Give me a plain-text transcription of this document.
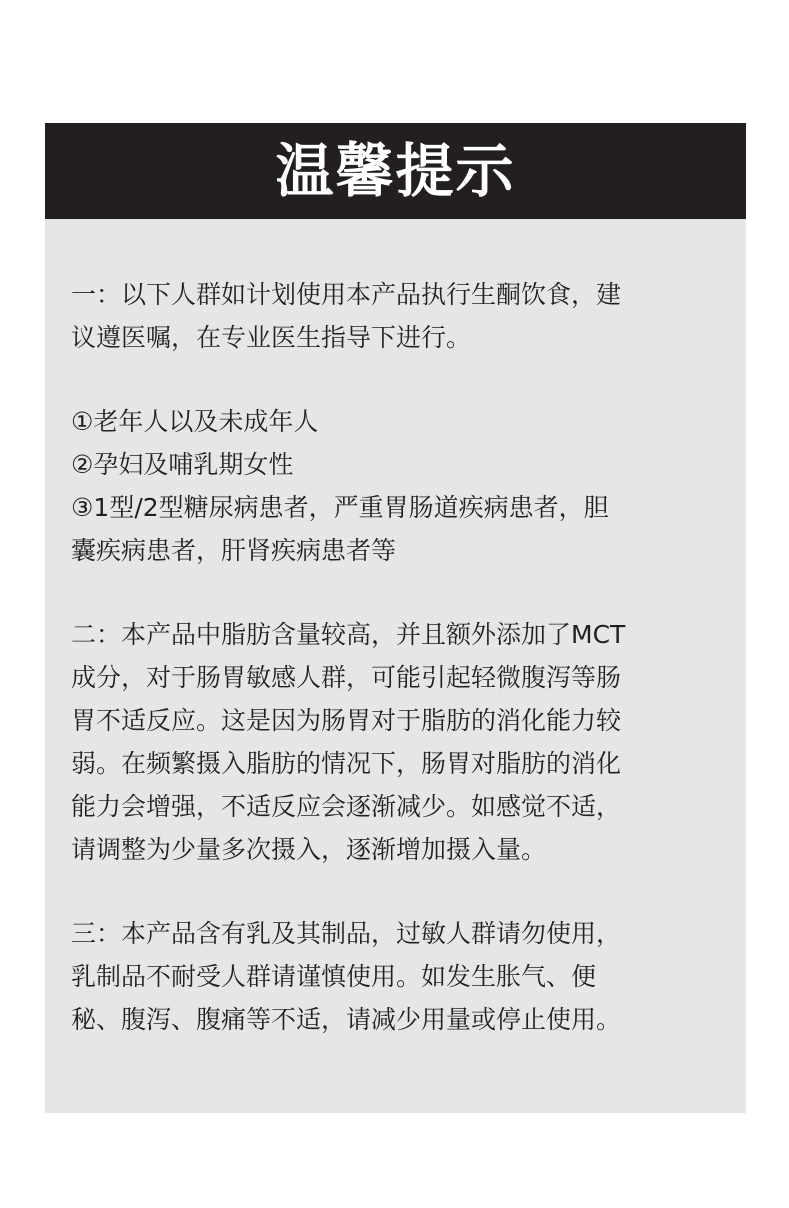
温馨提示

一：以下人群如计划使用本产品执行生酮饮食，建

议遵医嘱，在专业医生指导下进行。

①老年人以及未成年人

②孕妇及哺乳期女性

③1型/2型糖尿病患者，严重胃肠道疾病患者，胆

囊疾病患者，肝肾疾病患者等

二：本产品中脂肪含量较高，并且额外添加了MCT

成分，对于肠胃敏感人群，可能引起轻微腹泻等肠

胃不适反应。这是因为肠胃对于脂肪的消化能力较

弱。在频繁摄入脂肪的情况下，肠胃对脂肪的消化

能力会增强，不适反应会逐渐减少。如感觉不适，

请调整为少量多次摄入，逐渐增加摄入量。

三：本产品含有乳及其制品，过敏人群请勿使用，

乳制品不耐受人群请谨慎使用。如发生胀气、便

秘、腹泻、腹痛等不适，请减少用量或停止使用。
